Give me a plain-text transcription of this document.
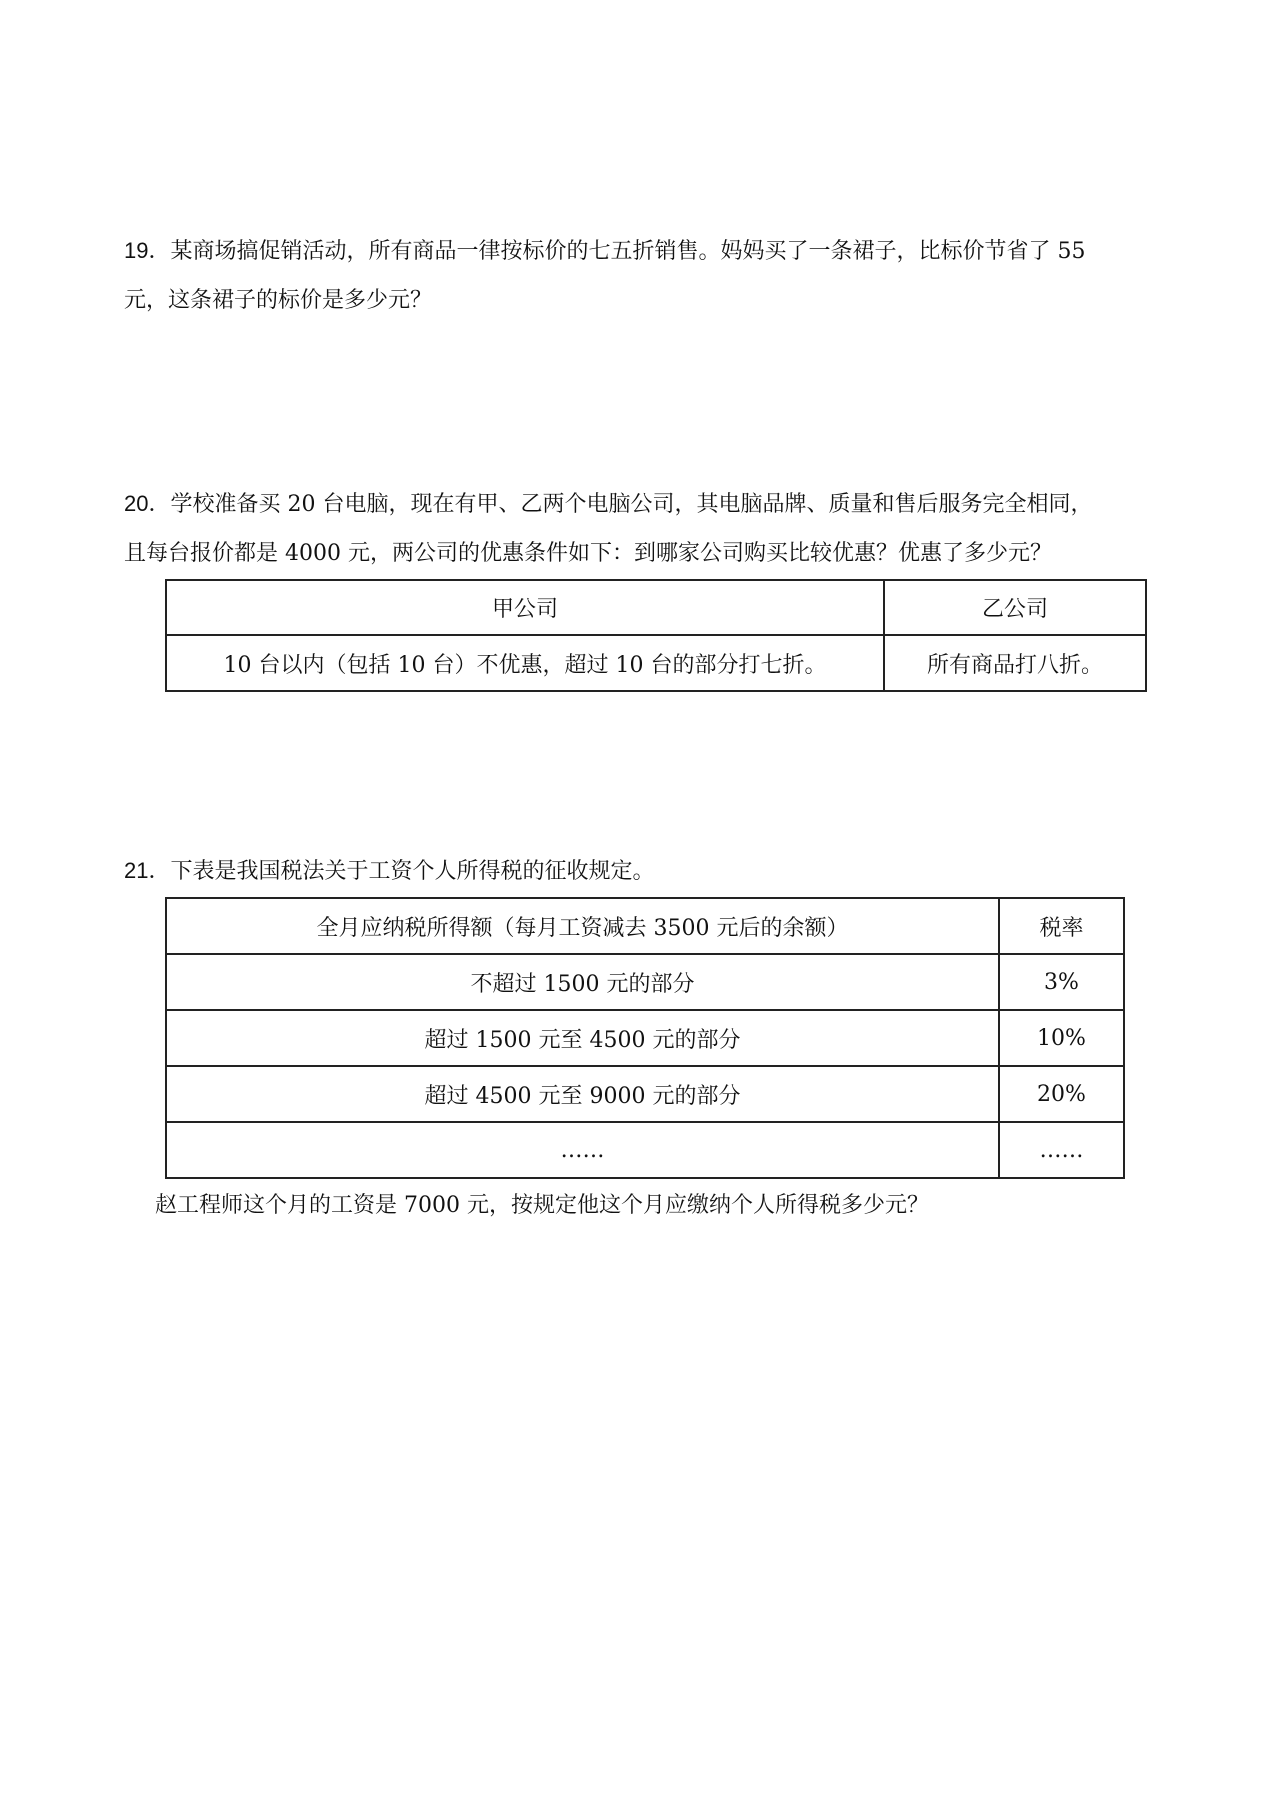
19．某商场搞促销活动，所有商品一律按标价的七五折销售。妈妈买了一条裙子，比标价节省了 55
元，这条裙子的标价是多少元？
20．学校准备买 20 台电脑，现在有甲、乙两个电脑公司，其电脑品牌、质量和售后服务完全相同，
且每台报价都是 4000 元，两公司的优惠条件如下：到哪家公司购买比较优惠？优惠了多少元？
甲公司	乙公司
10 台以内（包括 10 台）不优惠，超过 10 台的部分打七折。	所有商品打八折。
21．下表是我国税法关于工资个人所得税的征收规定。
全月应纳税所得额（每月工资减去 3500 元后的余额）	税率
不超过 1500 元的部分	3%
超过 1500 元至 4500 元的部分	10%
超过 4500 元至 9000 元的部分	20%
……	……
赵工程师这个月的工资是 7000 元，按规定他这个月应缴纳个人所得税多少元？
